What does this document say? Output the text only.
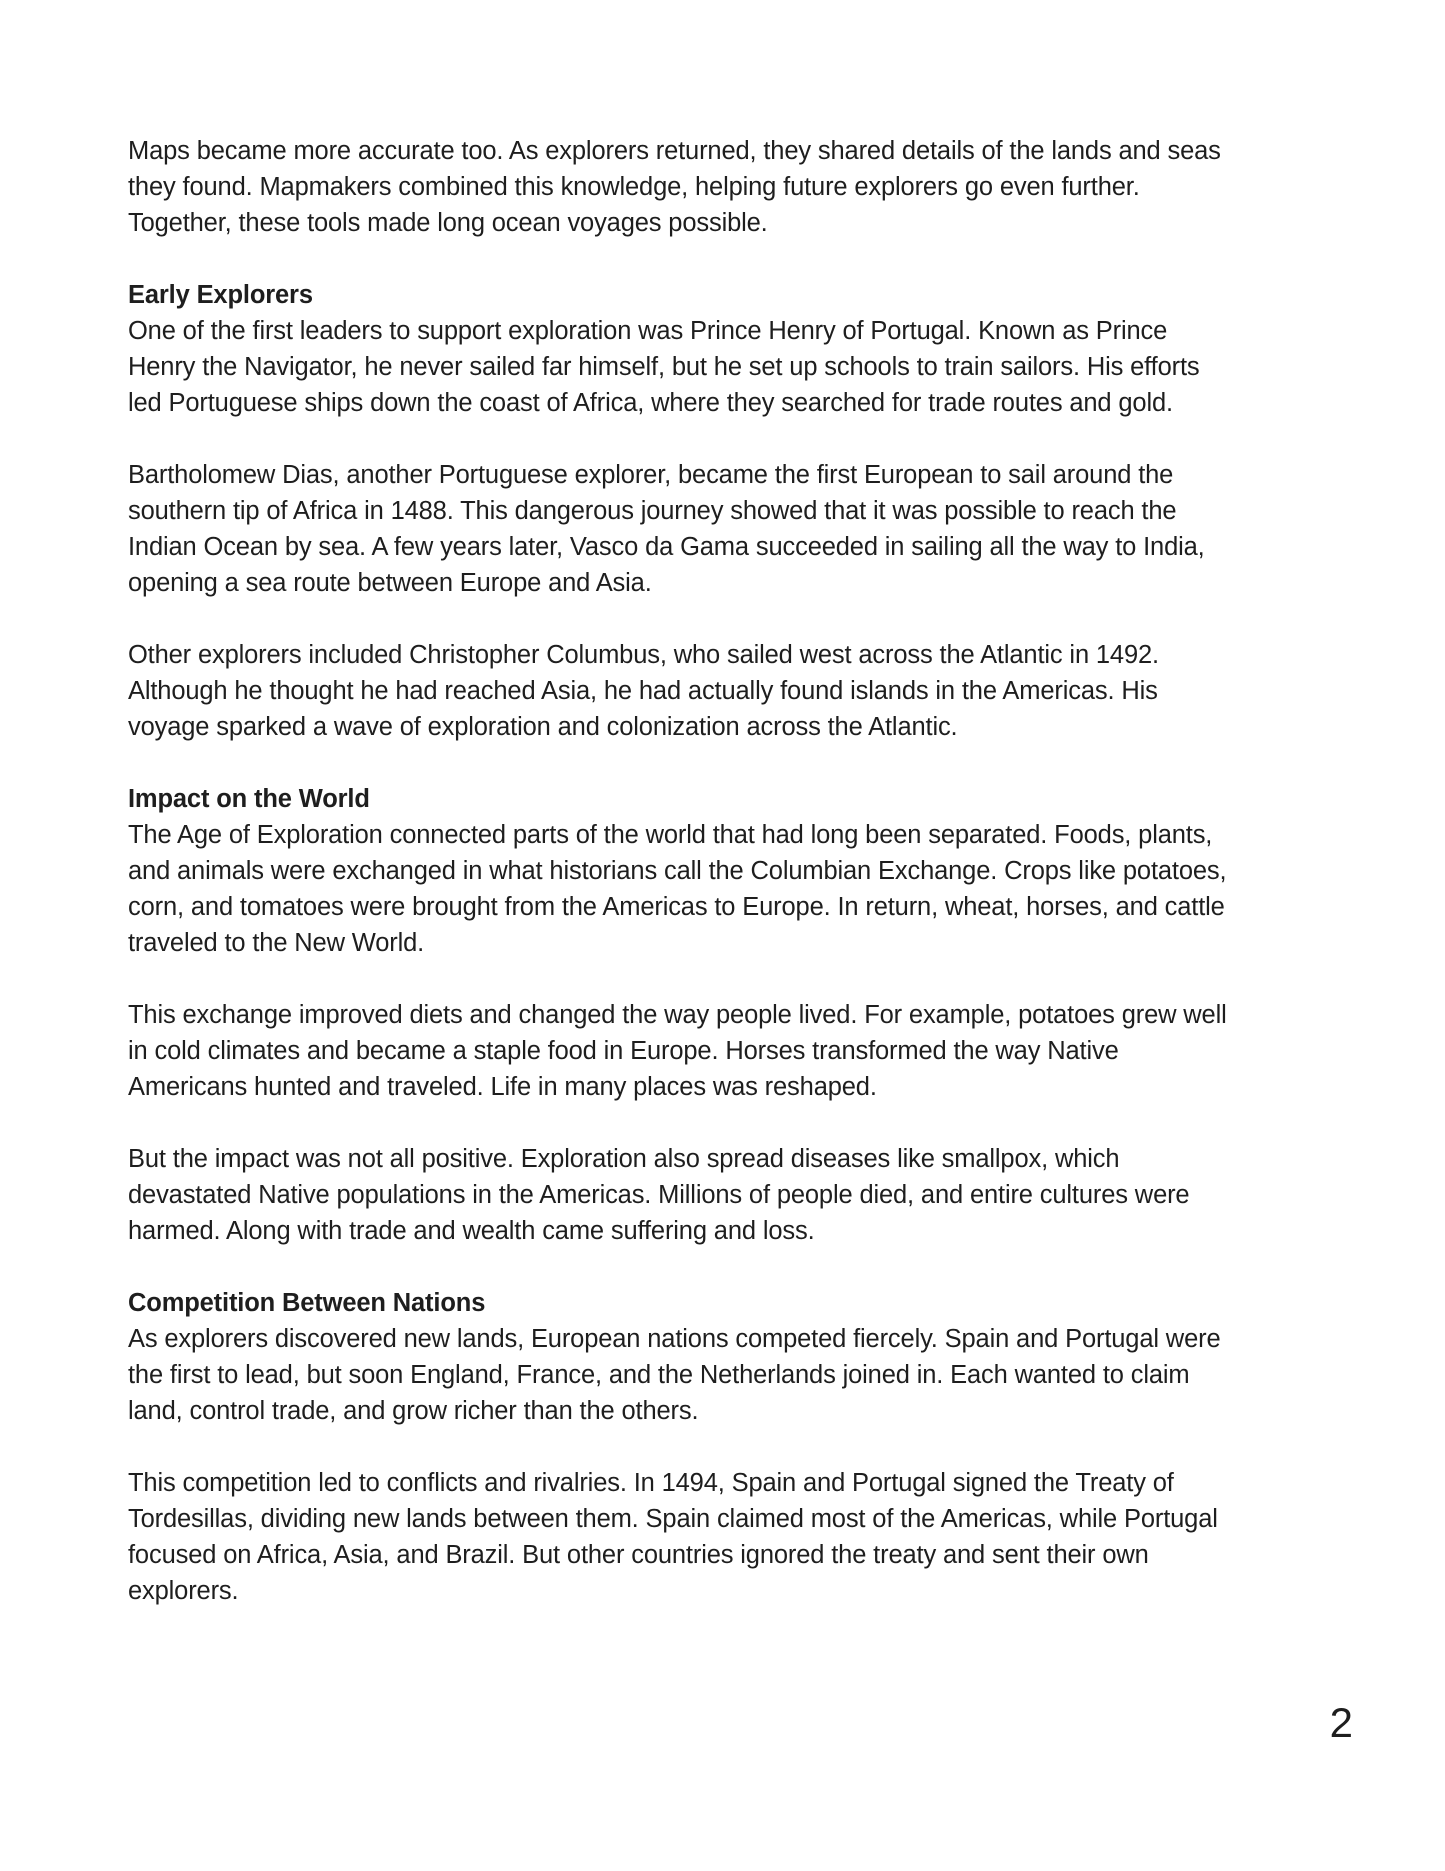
Maps became more accurate too. As explorers returned, they shared details of the lands and seas
they found. Mapmakers combined this knowledge, helping future explorers go even further.
Together, these tools made long ocean voyages possible.
Early Explorers
One of the first leaders to support exploration was Prince Henry of Portugal. Known as Prince
Henry the Navigator, he never sailed far himself, but he set up schools to train sailors. His efforts
led Portuguese ships down the coast of Africa, where they searched for trade routes and gold.
Bartholomew Dias, another Portuguese explorer, became the first European to sail around the
southern tip of Africa in 1488. This dangerous journey showed that it was possible to reach the
Indian Ocean by sea. A few years later, Vasco da Gama succeeded in sailing all the way to India,
opening a sea route between Europe and Asia.
Other explorers included Christopher Columbus, who sailed west across the Atlantic in 1492.
Although he thought he had reached Asia, he had actually found islands in the Americas. His
voyage sparked a wave of exploration and colonization across the Atlantic.
Impact on the World
The Age of Exploration connected parts of the world that had long been separated. Foods, plants,
and animals were exchanged in what historians call the Columbian Exchange. Crops like potatoes,
corn, and tomatoes were brought from the Americas to Europe. In return, wheat, horses, and cattle
traveled to the New World.
This exchange improved diets and changed the way people lived. For example, potatoes grew well
in cold climates and became a staple food in Europe. Horses transformed the way Native
Americans hunted and traveled. Life in many places was reshaped.
But the impact was not all positive. Exploration also spread diseases like smallpox, which
devastated Native populations in the Americas. Millions of people died, and entire cultures were
harmed. Along with trade and wealth came suffering and loss.
Competition Between Nations
As explorers discovered new lands, European nations competed fiercely. Spain and Portugal were
the first to lead, but soon England, France, and the Netherlands joined in. Each wanted to claim
land, control trade, and grow richer than the others.
This competition led to conflicts and rivalries. In 1494, Spain and Portugal signed the Treaty of
Tordesillas, dividing new lands between them. Spain claimed most of the Americas, while Portugal
focused on Africa, Asia, and Brazil. But other countries ignored the treaty and sent their own
explorers.
2
